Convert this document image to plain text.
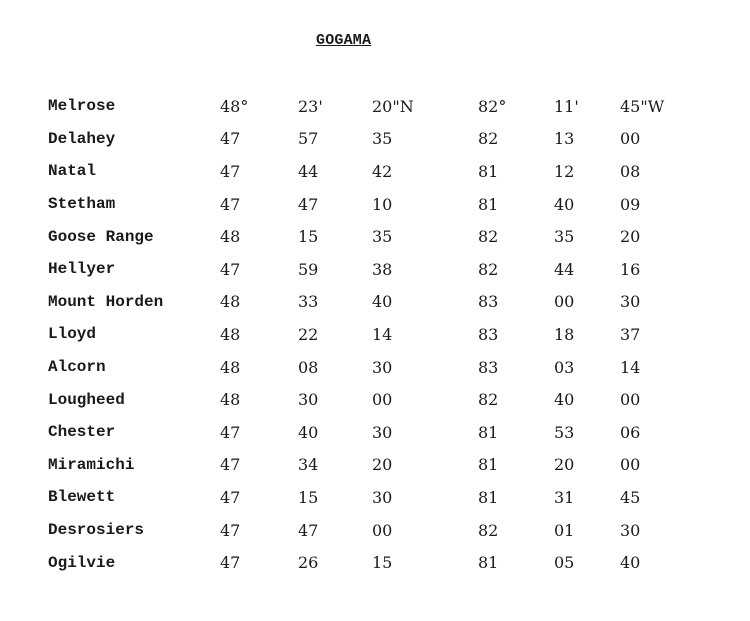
GOGAMA
Melrose	48°	23'	20"N	82°	11'	45"W
Delahey	47	57	35	82	13	00
Natal	47	44	42	81	12	08
Stetham	47	47	10	81	40	09
Goose Range	48	15	35	82	35	20
Hellyer	47	59	38	82	44	16
Mount Horden	48	33	40	83	00	30
Lloyd	48	22	14	83	18	37
Alcorn	48	08	30	83	03	14
Lougheed	48	30	00	82	40	00
Chester	47	40	30	81	53	06
Miramichi	47	34	20	81	20	00
Blewett	47	15	30	81	31	45
Desrosiers	47	47	00	82	01	30
Ogilvie	47	26	15	81	05	40
